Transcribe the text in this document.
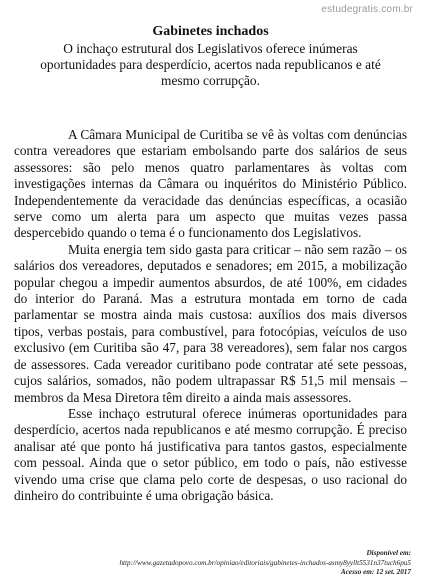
estudegratis.com.br

Gabinetes inchados

O inchaço estrutural dos Legislativos oferece inúmeras oportunidades para desperdício, acertos nada republicanos e até mesmo corrupção.

A Câmara Municipal de Curitiba se vê às voltas com denúncias contra vereadores que estariam embolsando parte dos salários de seus assessores: são pelo menos quatro parlamentares às voltas com investigações internas da Câmara ou inquéritos do Ministério Público. Independentemente da veracidade das denúncias específicas, a ocasião serve como um alerta para um aspecto que muitas vezes passa despercebido quando o tema é o funcionamento dos Legislativos.

Muita energia tem sido gasta para criticar – não sem razão – os salários dos vereadores, deputados e senadores; em 2015, a mobilização popular chegou a impedir aumentos absurdos, de até 100%, em cidades do interior do Paraná. Mas a estrutura montada em torno de cada parlamentar se mostra ainda mais custosa: auxílios dos mais diversos tipos, verbas postais, para combustível, para fotocópias, veículos de uso exclusivo (em Curitiba são 47, para 38 vereadores), sem falar nos cargos de assessores. Cada vereador curitibano pode contratar até sete pessoas, cujos salários, somados, não podem ultrapassar R$ 51,5 mil mensais – membros da Mesa Diretora têm direito a ainda mais assessores.

Esse inchaço estrutural oferece inúmeras oportunidades para desperdício, acertos nada republicanos e até mesmo corrupção. É preciso analisar até que ponto há justificativa para tantos gastos, especialmente com pessoal. Ainda que o setor público, em todo o país, não estivesse vivendo uma crise que clama pelo corte de despesas, o uso racional do dinheiro do contribuinte é uma obrigação básica.

Disponível em:
http://www.gazetadopovo.com.br/opiniao/editoriais/gabinetes-inchados-asmy8yyllt5531n37tuch6pu5
Acesso em: 12 set. 2017
